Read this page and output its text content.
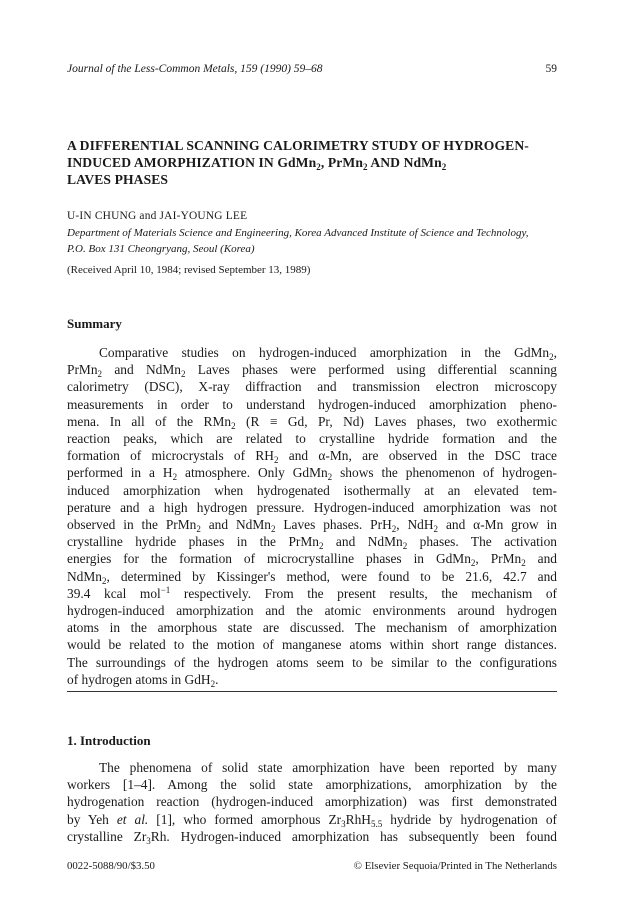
Journal of the Less-Common Metals, 159 (1990) 59–68	59
A DIFFERENTIAL SCANNING CALORIMETRY STUDY OF HYDROGEN-
INDUCED AMORPHIZATION IN GdMn$_2$, PrMn$_2$ AND NdMn$_2$
LAVES PHASES
U-IN CHUNG and JAI-YOUNG LEE
Department of Materials Science and Engineering, Korea Advanced Institute of Science and Technology,
P.O. Box 131 Cheongryang, Seoul (Korea)
(Received April 10, 1984; revised September 13, 1989)
Summary
Comparative studies on hydrogen-induced amorphization in the GdMn$_2$,
PrMn$_2$ and NdMn$_2$ Laves phases were performed using differential scanning
calorimetry (DSC), X-ray diffraction and transmission electron microscopy
measurements in order to understand hydrogen-induced amorphization pheno-
mena. In all of the RMn$_2$ (R ≡ Gd, Pr, Nd) Laves phases, two exothermic
reaction peaks, which are related to crystalline hydride formation and the
formation of microcrystals of $RH_2$ and α-Mn, are observed in the DSC trace
performed in a $H_2$ atmosphere. Only GdMn$_2$ shows the phenomenon of hydrogen-
induced amorphization when hydrogenated isothermally at an elevated tem-
perature and a high hydrogen pressure. Hydrogen-induced amorphization was not
observed in the PrMn$_2$ and NdMn$_2$ Laves phases. PrH$_2$, NdH$_2$ and α-Mn grow in
crystalline hydride phases in the PrMn$_2$ and NdMn$_2$ phases. The activation
energies for the formation of microcrystalline phases in GdMn$_2$, PrMn$_2$ and
NdMn$_2$, determined by Kissinger's method, were found to be 21.6, 42.7 and
39.4 kcal mol$^{-1}$ respectively. From the present results, the mechanism of
hydrogen-induced amorphization and the atomic environments around hydrogen
atoms in the amorphous state are discussed. The mechanism of amorphization
would be related to the motion of manganese atoms within short range distances.
The surroundings of the hydrogen atoms seem to be similar to the configurations
of hydrogen atoms in GdH$_2$.
1. Introduction
The phenomena of solid state amorphization have been reported by many
workers [1–4]. Among the solid state amorphizations, amorphization by the
hydrogenation reaction (hydrogen-induced amorphization) was first demonstrated
by Yeh et al. [1], who formed amorphous $Zr_3RhH_{5.5}$ hydride by hydrogenation of
crystalline $Zr_3Rh$. Hydrogen-induced amorphization has subsequently been found
0022-5088/90/$3.50	© Elsevier Sequoia/Printed in The Netherlands
